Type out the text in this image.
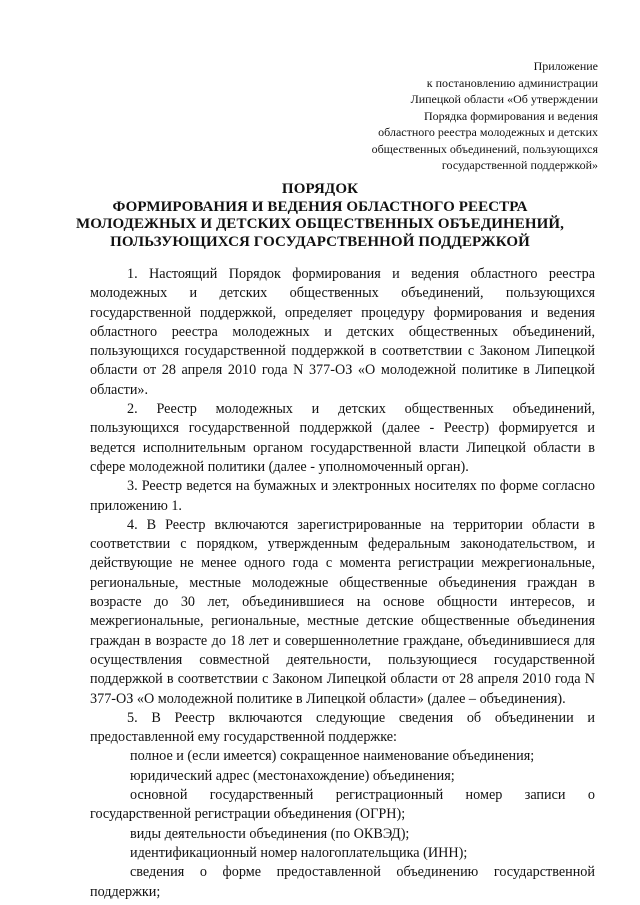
Приложение
к постановлению администрации
Липецкой области «Об утверждении
Порядка формирования и ведения
областного реестра молодежных и детских
общественных объединений, пользующихся
государственной поддержкой»
ПОРЯДОК
ФОРМИРОВАНИЯ И ВЕДЕНИЯ ОБЛАСТНОГО РЕЕСТРА
МОЛОДЕЖНЫХ И ДЕТСКИХ ОБЩЕСТВЕННЫХ ОБЪЕДИНЕНИЙ,
ПОЛЬЗУЮЩИХСЯ ГОСУДАРСТВЕННОЙ ПОДДЕРЖКОЙ

1. Настоящий Порядок формирования и ведения областного реестра молодежных и детских общественных объединений, пользующихся государственной поддержкой, определяет процедуру формирования и ведения областного реестра молодежных и детских общественных объединений, пользующихся государственной поддержкой в соответствии с Законом Липецкой области от 28 апреля 2010 года N 377-ОЗ «О молодежной политике в Липецкой области».

2. Реестр молодежных и детских общественных объединений, пользующихся государственной поддержкой (далее - Реестр) формируется и ведется исполнительным органом государственной власти Липецкой области в сфере молодежной политики (далее - уполномоченный орган).

3. Реестр ведется на бумажных и электронных носителях по форме согласно приложению 1.

4. В Реестр включаются зарегистрированные на территории области в соответствии с порядком, утвержденным федеральным законодательством, и действующие не менее одного года с момента регистрации межрегиональные, региональные, местные молодежные общественные объединения граждан в возрасте до 30 лет, объединившиеся на основе общности интересов, и межрегиональные, региональные, местные детские общественные объединения граждан в возрасте до 18 лет и совершеннолетние граждане, объединившиеся для осуществления совместной деятельности, пользующиеся государственной поддержкой в соответствии с Законом Липецкой области от 28 апреля 2010 года N 377-ОЗ «О молодежной политике в Липецкой области» (далее – объединения).

5. В Реестр включаются следующие сведения об объединении и предоставленной ему государственной поддержке:

полное и (если имеется) сокращенное наименование объединения;

юридический адрес (местонахождение) объединения;

основной государственный регистрационный номер записи о государственной регистрации объединения (ОГРН);

виды деятельности объединения (по ОКВЭД);

идентификационный номер налогоплательщика (ИНН);

сведения о форме предоставленной объединению государственной поддержки;
